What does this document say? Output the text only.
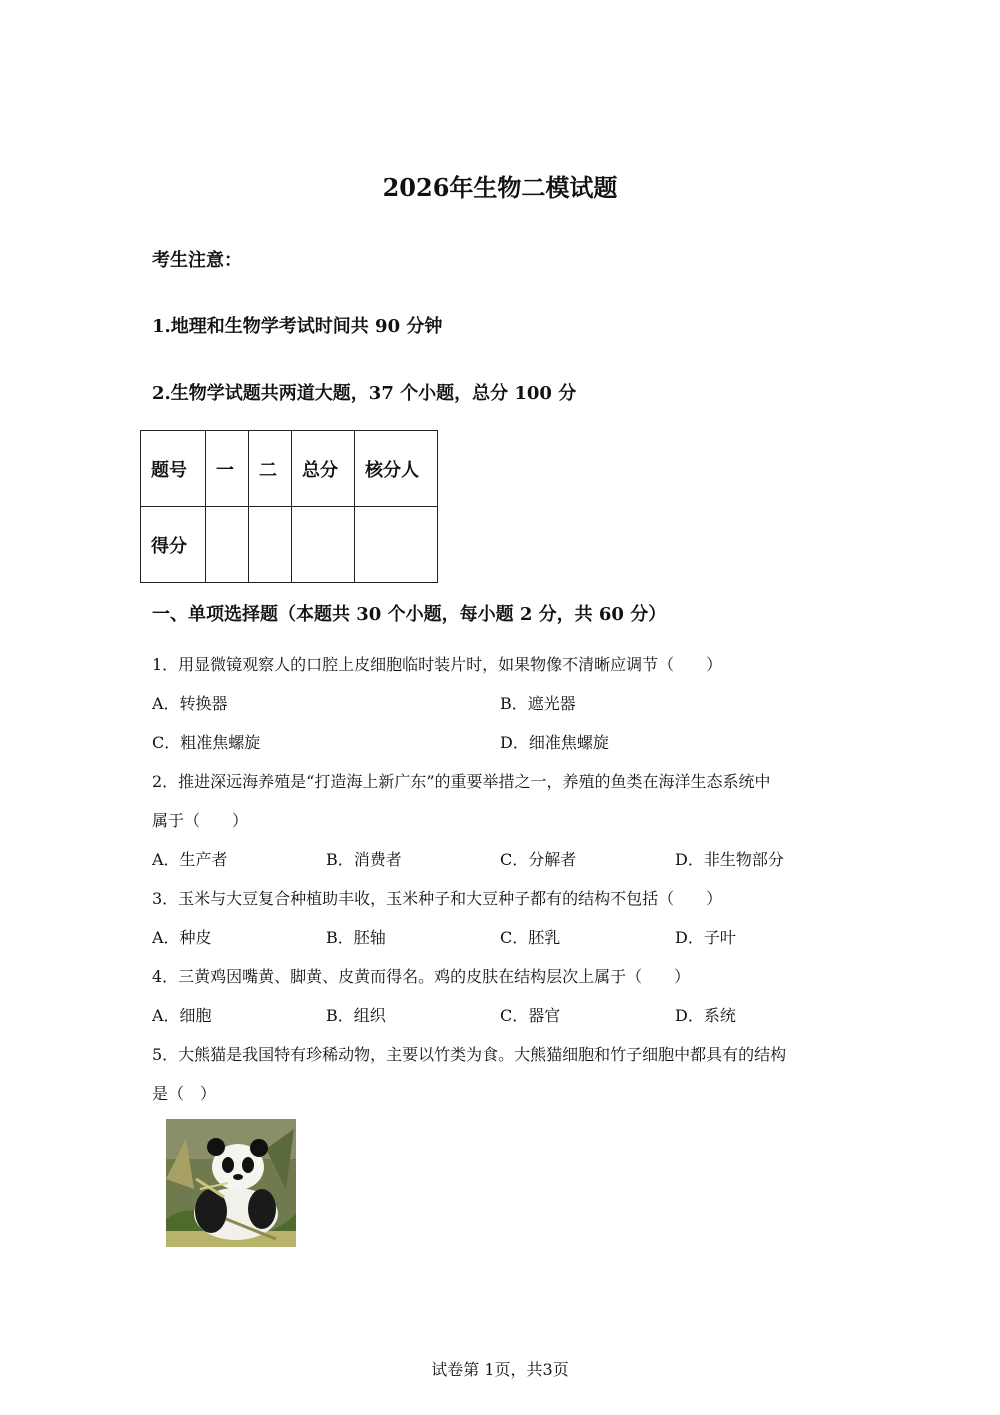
2026年生物二模试题
考生注意：
1.地理和生物学考试时间共 90 分钟
2.生物学试题共两道大题，37 个小题，总分 100 分
题号	一	二	总分	核分人
得分				
一、单项选择题（本题共 30 个小题，每小题 2 分，共 60 分）
1．用显微镜观察人的口腔上皮细胞临时装片时，如果物像不清晰应调节（　　）
A．转换器	B．遮光器
C．粗准焦螺旋	D．细准焦螺旋
2．推进深远海养殖是“打造海上新广东”的重要举措之一，养殖的鱼类在海洋生态系统中
属于（　　）
A．生产者	B．消费者	C．分解者	D．非生物部分
3．玉米与大豆复合种植助丰收，玉米种子和大豆种子都有的结构不包括（　　）
A．种皮	B．胚轴	C．胚乳	D．子叶
4．三黄鸡因嘴黄、脚黄、皮黄而得名。鸡的皮肤在结构层次上属于（　　）
A．细胞	B．组织	C．器官	D．系统
5．大熊猫是我国特有珍稀动物，主要以竹类为食。大熊猫细胞和竹子细胞中都具有的结构
是（　）
试卷第 1页，共3页
